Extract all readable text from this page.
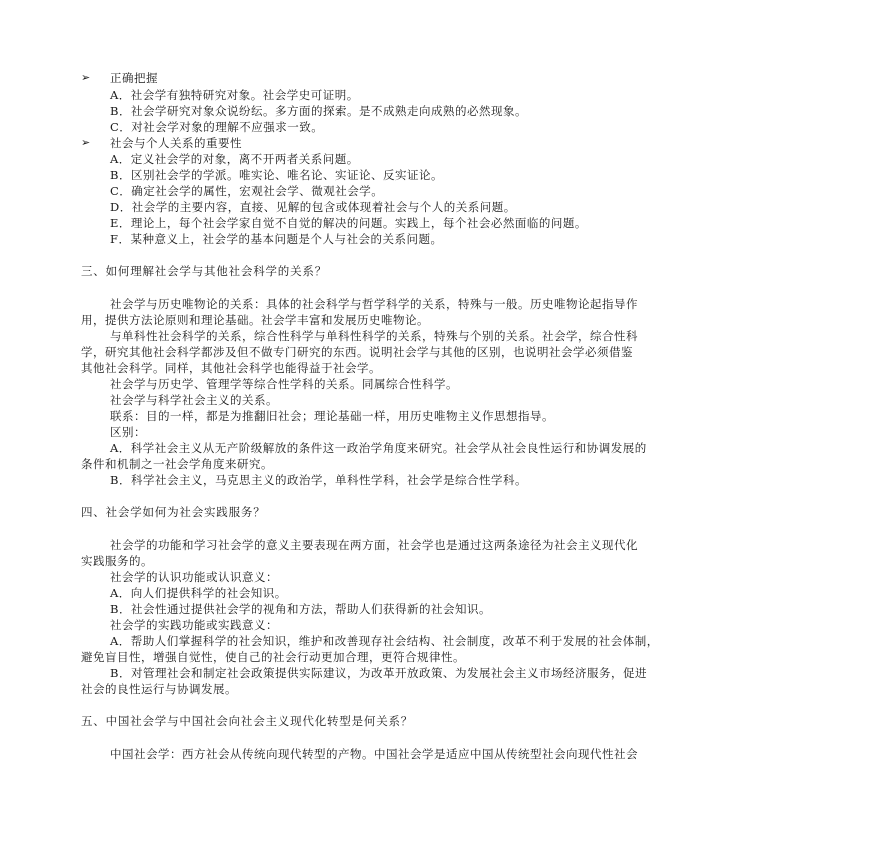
➢ 正确把握
A．社会学有独特研究对象。社会学史可证明。
B．社会学研究对象众说纷纭。多方面的探索。是不成熟走向成熟的必然现象。
C．对社会学对象的理解不应强求一致。
➢ 社会与个人关系的重要性
A．定义社会学的对象，离不开两者关系问题。
B．区别社会学的学派。唯实论、唯名论、实证论、反实证论。
C．确定社会学的属性，宏观社会学、微观社会学。
D．社会学的主要内容，直接、见解的包含或体现着社会与个人的关系问题。
E．理论上，每个社会学家自觉不自觉的解决的问题。实践上，每个社会必然面临的问题。
F．某种意义上，社会学的基本问题是个人与社会的关系问题。
三、如何理解社会学与其他社会科学的关系？
社会学与历史唯物论的关系：具体的社会科学与哲学科学的关系，特殊与一般。历史唯物论起指导作
用，提供方法论原则和理论基础。社会学丰富和发展历史唯物论。
与单科性社会科学的关系，综合性科学与单科性科学的关系，特殊与个别的关系。社会学，综合性科
学，研究其他社会科学都涉及但不做专门研究的东西。说明社会学与其他的区别，也说明社会学必须借鉴
其他社会科学。同样，其他社会科学也能得益于社会学。
社会学与历史学、管理学等综合性学科的关系。同属综合性科学。
社会学与科学社会主义的关系。
联系：目的一样，都是为推翻旧社会；理论基础一样，用历史唯物主义作思想指导。
区别：
A．科学社会主义从无产阶级解放的条件这一政治学角度来研究。社会学从社会良性运行和协调发展的
条件和机制之一社会学角度来研究。
B．科学社会主义，马克思主义的政治学，单科性学科，社会学是综合性学科。
四、社会学如何为社会实践服务？
社会学的功能和学习社会学的意义主要表现在两方面，社会学也是通过这两条途径为社会主义现代化
实践服务的。
社会学的认识功能或认识意义：
A．向人们提供科学的社会知识。
B．社会性通过提供社会学的视角和方法，帮助人们获得新的社会知识。
社会学的实践功能或实践意义：
A．帮助人们掌握科学的社会知识，维护和改善现存社会结构、社会制度，改革不利于发展的社会体制，
避免盲目性，增强自觉性，使自己的社会行动更加合理，更符合规律性。
B．对管理社会和制定社会政策提供实际建议，为改革开放政策、为发展社会主义市场经济服务，促进
社会的良性运行与协调发展。
五、中国社会学与中国社会向社会主义现代化转型是何关系？
中国社会学：西方社会从传统向现代转型的产物。中国社会学是适应中国从传统型社会向现代性社会
